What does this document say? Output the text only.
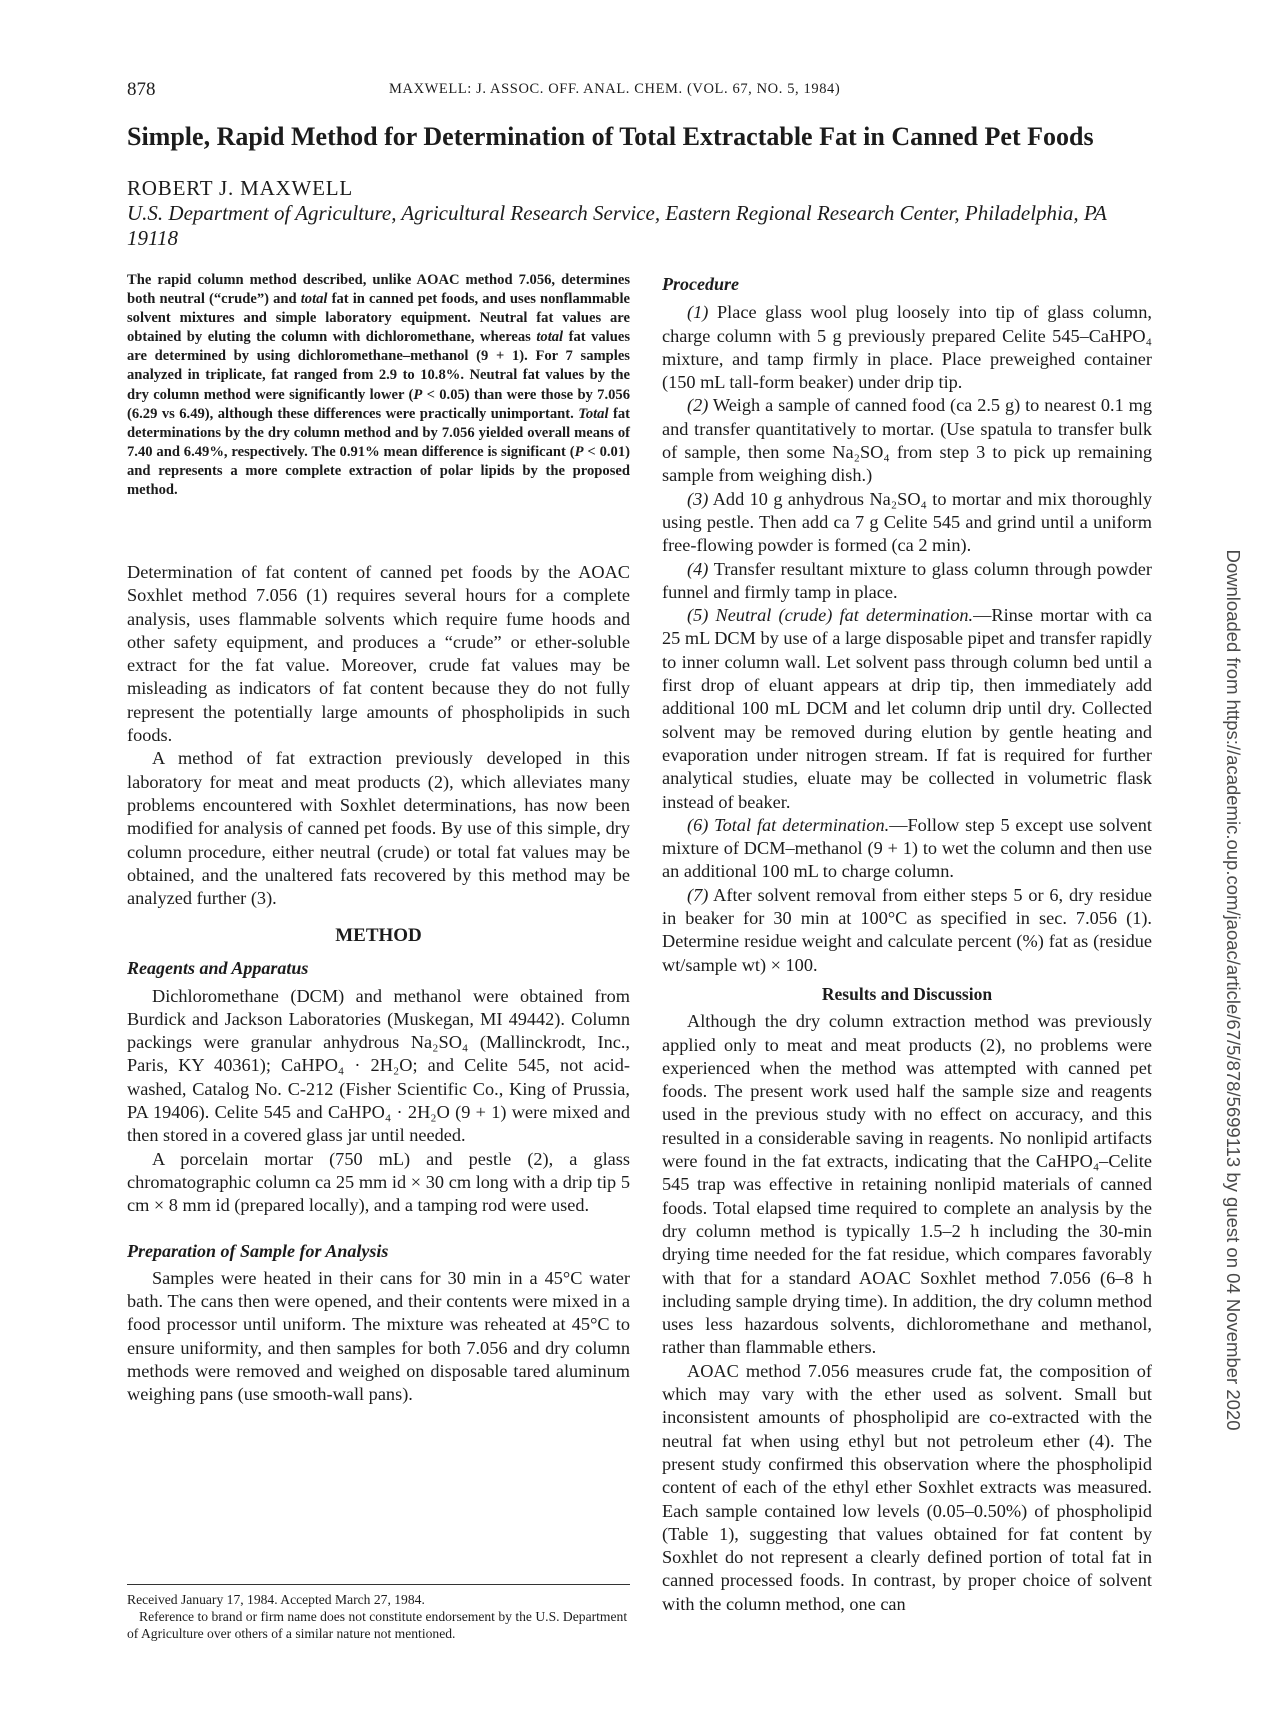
878	MAXWELL: J. ASSOC. OFF. ANAL. CHEM. (VOL. 67, NO. 5, 1984)
Simple, Rapid Method for Determination of Total Extractable Fat in Canned Pet Foods
ROBERT J. MAXWELL
U.S. Department of Agriculture, Agricultural Research Service, Eastern Regional Research Center, Philadelphia, PA 19118
The rapid column method described, unlike AOAC method 7.056, determines both neutral (“crude”) and total fat in canned pet foods, and uses nonflammable solvent mixtures and simple laboratory equipment. Neutral fat values are obtained by eluting the column with dichloromethane, whereas total fat values are determined by using dichloromethane–methanol (9 + 1). For 7 samples analyzed in triplicate, fat ranged from 2.9 to 10.8%. Neutral fat values by the dry column method were significantly lower (P < 0.05) than were those by 7.056 (6.29 vs 6.49), although these differences were practically unimportant. Total fat determinations by the dry column method and by 7.056 yielded overall means of 7.40 and 6.49%, respectively. The 0.91% mean difference is significant (P < 0.01) and represents a more complete extraction of polar lipids by the proposed method.

Determination of fat content of canned pet foods by the AOAC Soxhlet method 7.056 (1) requires several hours for a complete analysis, uses flammable solvents which require fume hoods and other safety equipment, and produces a “crude” or ether-soluble extract for the fat value. Moreover, crude fat values may be misleading as indicators of fat content because they do not fully represent the potentially large amounts of phospholipids in such foods.

A method of fat extraction previously developed in this laboratory for meat and meat products (2), which alleviates many problems encountered with Soxhlet determinations, has now been modified for analysis of canned pet foods. By use of this simple, dry column procedure, either neutral (crude) or total fat values may be obtained, and the unaltered fats recovered by this method may be analyzed further (3).

METHOD

Reagents and Apparatus

Dichloromethane (DCM) and methanol were obtained from Burdick and Jackson Laboratories (Muskegan, MI 49442). Column packings were granular anhydrous Na₂SO₄ (Mallinckrodt, Inc., Paris, KY 40361); CaHPO₄ · 2H₂O; and Celite 545, not acid-washed, Catalog No. C-212 (Fisher Scientific Co., King of Prussia, PA 19406). Celite 545 and CaHPO₄ · 2H₂O (9 + 1) were mixed and then stored in a covered glass jar until needed.

A porcelain mortar (750 mL) and pestle (2), a glass chromatographic column ca 25 mm id × 30 cm long with a drip tip 5 cm × 8 mm id (prepared locally), and a tamping rod were used.

Preparation of Sample for Analysis

Samples were heated in their cans for 30 min in a 45°C water bath. The cans then were opened, and their contents were mixed in a food processor until uniform. The mixture was reheated at 45°C to ensure uniformity, and then samples for both 7.056 and dry column methods were removed and weighed on disposable tared aluminum weighing pans (use smooth-wall pans).

Received January 17, 1984. Accepted March 27, 1984.

Reference to brand or firm name does not constitute endorsement by the U.S. Department of Agriculture over others of a similar nature not mentioned.

Procedure

(1) Place glass wool plug loosely into tip of glass column, charge column with 5 g previously prepared Celite 545–CaHPO₄ mixture, and tamp firmly in place. Place preweighed container (150 mL tall-form beaker) under drip tip.

(2) Weigh a sample of canned food (ca 2.5 g) to nearest 0.1 mg and transfer quantitatively to mortar. (Use spatula to transfer bulk of sample, then some Na₂SO₄ from step 3 to pick up remaining sample from weighing dish.)

(3) Add 10 g anhydrous Na₂SO₄ to mortar and mix thoroughly using pestle. Then add ca 7 g Celite 545 and grind until a uniform free-flowing powder is formed (ca 2 min).

(4) Transfer resultant mixture to glass column through powder funnel and firmly tamp in place.

(5) Neutral (crude) fat determination.—Rinse mortar with ca 25 mL DCM by use of a large disposable pipet and transfer rapidly to inner column wall. Let solvent pass through column bed until a first drop of eluant appears at drip tip, then immediately add additional 100 mL DCM and let column drip until dry. Collected solvent may be removed during elution by gentle heating and evaporation under nitrogen stream. If fat is required for further analytical studies, eluate may be collected in volumetric flask instead of beaker.

(6) Total fat determination.—Follow step 5 except use solvent mixture of DCM–methanol (9 + 1) to wet the column and then use an additional 100 mL to charge column.

(7) After solvent removal from either steps 5 or 6, dry residue in beaker for 30 min at 100°C as specified in sec. 7.056 (1). Determine residue weight and calculate percent (%) fat as (residue wt/sample wt) × 100.

Results and Discussion

Although the dry column extraction method was previously applied only to meat and meat products (2), no problems were experienced when the method was attempted with canned pet foods. The present work used half the sample size and reagents used in the previous study with no effect on accuracy, and this resulted in a considerable saving in reagents. No nonlipid artifacts were found in the fat extracts, indicating that the CaHPO₄–Celite 545 trap was effective in retaining nonlipid materials of canned foods. Total elapsed time required to complete an analysis by the dry column method is typically 1.5–2 h including the 30-min drying time needed for the fat residue, which compares favorably with that for a standard AOAC Soxhlet method 7.056 (6–8 h including sample drying time). In addition, the dry column method uses less hazardous solvents, dichloromethane and methanol, rather than flammable ethers.

AOAC method 7.056 measures crude fat, the composition of which may vary with the ether used as solvent. Small but inconsistent amounts of phospholipid are co-extracted with the neutral fat when using ethyl but not petroleum ether (4). The present study confirmed this observation where the phospholipid content of each of the ethyl ether Soxhlet extracts was measured. Each sample contained low levels (0.05–0.50%) of phospholipid (Table 1), suggesting that values obtained for fat content by Soxhlet do not represent a clearly defined portion of total fat in canned processed foods. In contrast, by proper choice of solvent with the column method, one can

Downloaded from https://academic.oup.com/jaoac/article/67/5/878/5699113 by guest on 04 November 2020
